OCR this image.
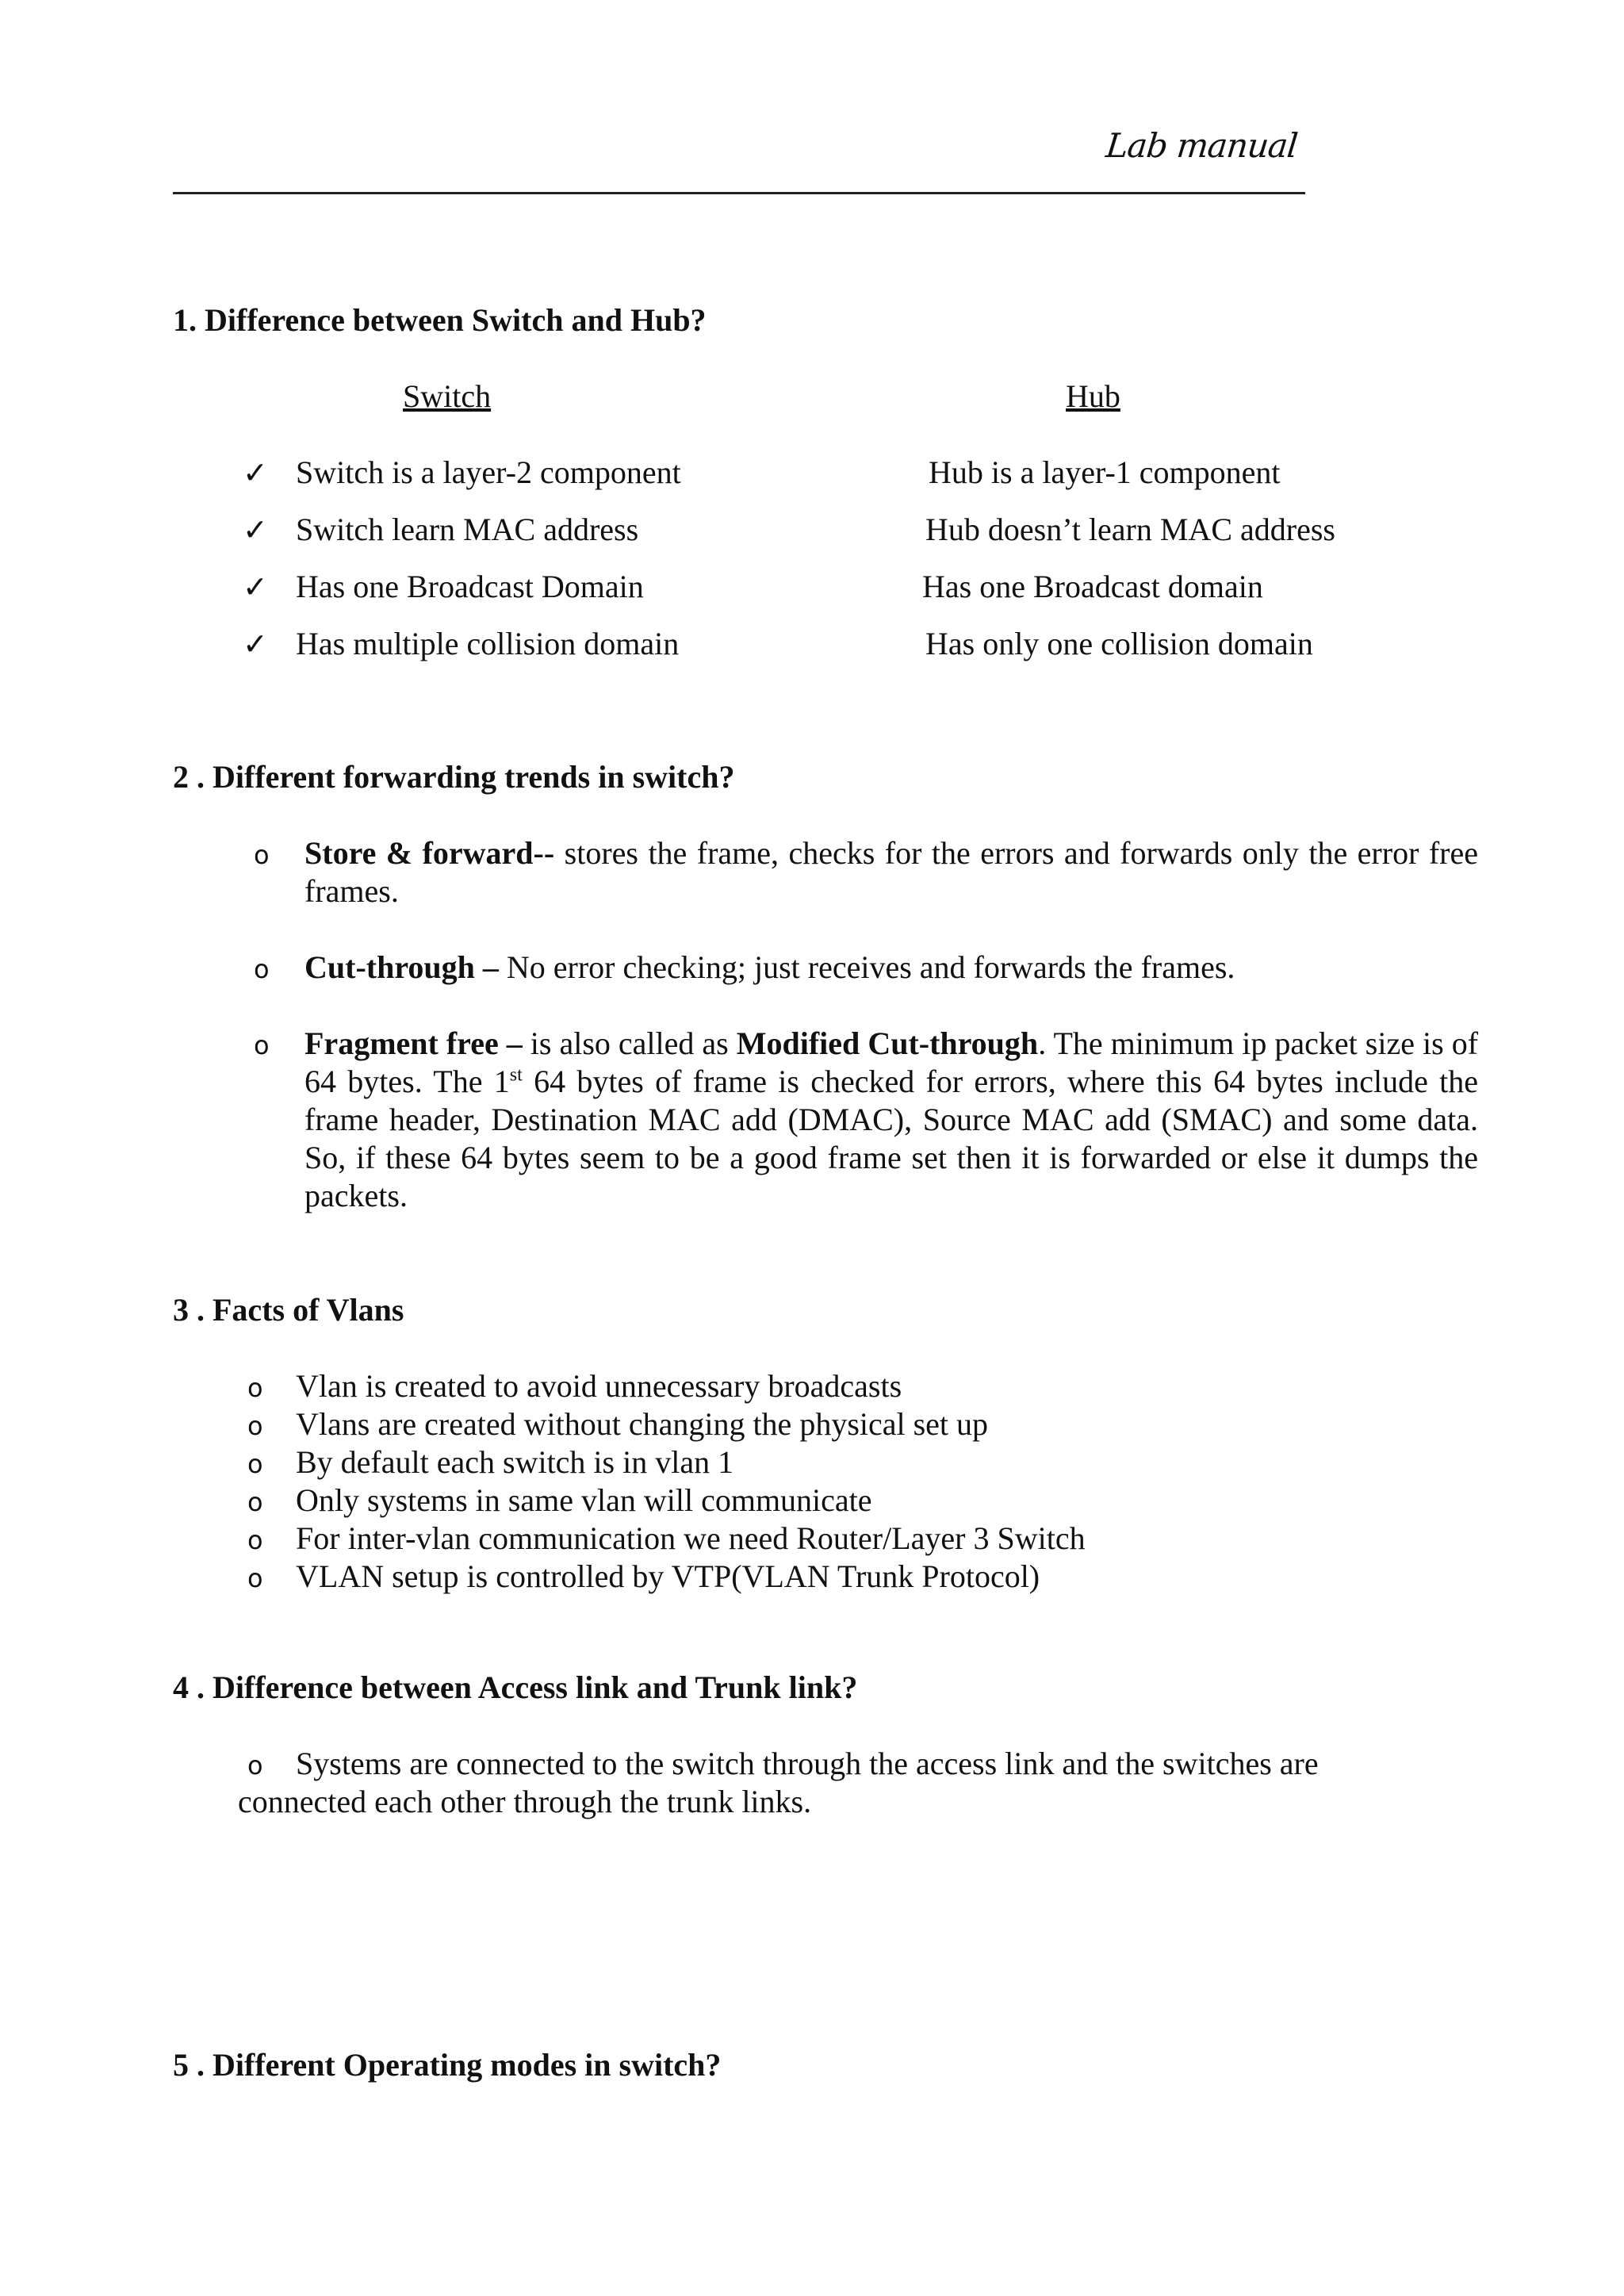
Lab manual
1. Difference between Switch and Hub?
Switch	Hub
✓ Switch is a layer-2 component	Hub is a layer-1 component
✓ Switch learn MAC address	Hub doesn’t learn MAC address
✓ Has one Broadcast Domain	Has one Broadcast domain
✓ Has multiple collision domain	Has only one collision domain
2 . Different forwarding trends in switch?
o Store & forward-- stores the frame, checks for the errors and forwards only the error free frames.
o Cut-through – No error checking; just receives and forwards the frames.
o Fragment free – is also called as Modified Cut-through. The minimum ip packet size is of 64 bytes. The 1st 64 bytes of frame is checked for errors, where this 64 bytes include the frame header, Destination MAC add (DMAC), Source MAC add (SMAC) and some data. So, if these 64 bytes seem to be a good frame set then it is forwarded or else it dumps the packets.
3 . Facts of Vlans
o Vlan is created to avoid unnecessary broadcasts
o Vlans are created without changing the physical set up
o By default each switch is in vlan 1
o Only systems in same vlan will communicate
o For inter-vlan communication we need Router/Layer 3 Switch
o VLAN setup is controlled by VTP(VLAN Trunk Protocol)
4 . Difference between Access link and Trunk link?
o Systems are connected to the switch through the access link and the switches are
connected each other through the trunk links.
5 . Different Operating modes in switch?
